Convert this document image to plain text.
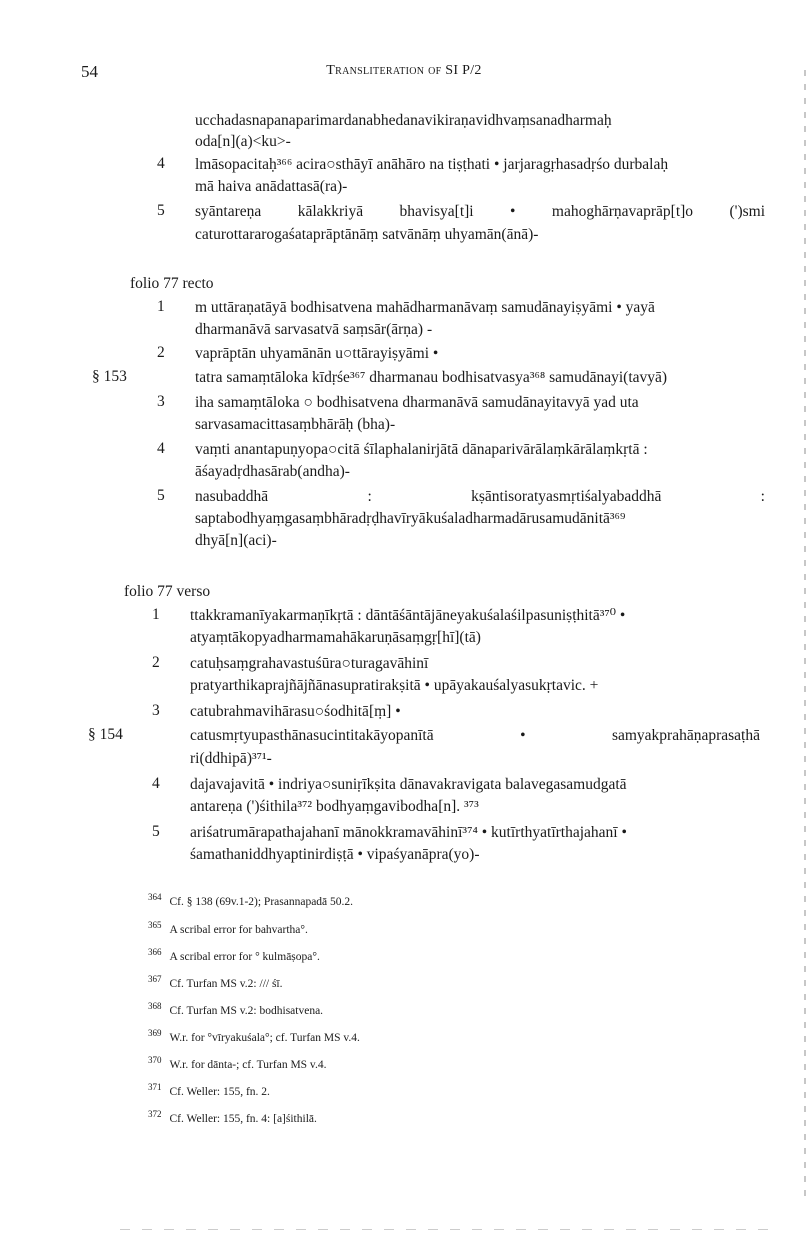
54	Transliteration of SI P/2
ucchadasnapanaparimardanabhedanavikiraṇavidhvaṃsanadharmaḥ
oda[n](a)<ku>-
4 lmāsopacitaḥ³⁶⁶ acira○sthāyī anāhāro na tiṣṭhati • jarjaragṛhasadṛśo durbalaḥ
mā haiva anādattasā(ra)-
5 syāntareṇa kālakkriyā bhavisya[t]i • mahoghārṇavaprāp[t]o (')smi
caturottararogaśataprāptānāṃ satvānāṃ uhyamān(ānā)-
folio 77 recto
1 m uttāraṇatāyā bodhisatvena mahādharmanāvaṃ samudānayiṣyāmi • yayā
dharmanāvā sarvasatvā saṃsār(ārṇa) -
2 vaprāptān uhyamānān u○ttārayiṣyāmi •
§ 153	tatra samaṃtāloka kīdṛśe³⁶⁷ dharmanau bodhisatvasya³⁶⁸ samudānayi(tavyā)
3 iha samaṃtāloka ○ bodhisatvena dharmanāvā samudānayitavyā yad uta
sarvasamacittasaṃbhārāḥ (bha)-
4 vaṃti anantapuṇyopa○citā śīlaphalanirjātā dānaparivārālaṃkārālaṃkṛtā :
āśayadṛdhasārab(andha)-
5 nasubaddhā : kṣāntisoratyasmṛtiśalyabaddhā :
saptabodhyaṃgasaṃbhāradṛḍhavīryākuśaladharmadārusamudānitā³⁶⁹
dhyā[n](aci)-
folio 77 verso
1 ttakkramanīyakarmaṇīkṛtā : dāntāśāntājāneyakuśalaśilpasuniṣṭhitā³⁷⁰ •
atyaṃtākopyadharmamahākaruṇāsaṃgṛ[hī](tā)
2 catuḥsaṃgrahavastuśūra○turagavāhinī
pratyarthikaprajñājñānasupratirakṣitā • upāyakauśalyasukṛtavic. +
3 catubrahmavihārasu○śodhitā[ṃ] •
§ 154	catusmṛtyupasthānasucintitakāyopanītā • samyakprahāṇaprasaṭhā
ri(ddhipā)³⁷¹-
4 dajavajavitā • indriya○suniṛīkṣita dānavakravigata balavegasamudgatā
antareṇa (')śithila³⁷² bodhyaṃgavibodha[n]. ³⁷³
5 ariśatrumārapathajahanī mānokkramavāhinī³⁷⁴ • kutīrthyatīrthajahanī •
śamathaniddhyaptinirdiṣṭā • vipaśyanāpra(yo)-
$^{364}$ Cf. § 138 (69v.1-2); Prasannapadā 50.2.
$^{365}$ A scribal error for bahvartha°.
$^{366}$ A scribal error for ° kulmāṣopa°.
$^{367}$ Cf. Turfan MS v.2: /// śī.
$^{368}$ Cf. Turfan MS v.2: bodhisatvena.
$^{369}$ W.r. for °vīryakuśala°; cf. Turfan MS v.4.
$^{370}$ W.r. for dānta-; cf. Turfan MS v.4.
$^{371}$ Cf. Weller: 155, fn. 2.
$^{372}$ Cf. Weller: 155, fn. 4: [a]śithilā.
